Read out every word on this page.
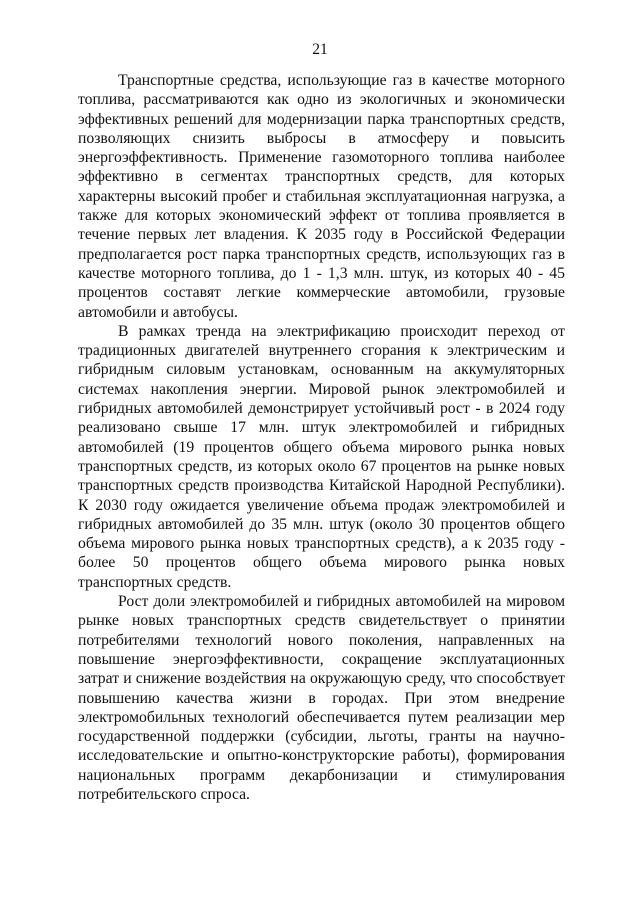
21

Транспортные средства, использующие газ в качестве моторного топлива, рассматриваются как одно из экологичных и экономически эффективных решений для модернизации парка транспортных средств, позволяющих снизить выбросы в атмосферу и повысить энергоэффективность. Применение газомоторного топлива наиболее эффективно в сегментах транспортных средств, для которых характерны высокий пробег и стабильная эксплуатационная нагрузка, а также для которых экономический эффект от топлива проявляется в течение первых лет владения. К 2035 году в Российской Федерации предполагается рост парка транспортных средств, использующих газ в качестве моторного топлива, до 1 - 1,3 млн. штук, из которых 40 - 45 процентов составят легкие коммерческие автомобили, грузовые автомобили и автобусы.

В рамках тренда на электрификацию происходит переход от традиционных двигателей внутреннего сгорания к электрическим и гибридным силовым установкам, основанным на аккумуляторных системах накопления энергии. Мировой рынок электромобилей и гибридных автомобилей демонстрирует устойчивый рост - в 2024 году реализовано свыше 17 млн. штук электромобилей и гибридных автомобилей (19 процентов общего объема мирового рынка новых транспортных средств, из которых около 67 процентов на рынке новых транспортных средств производства Китайской Народной Республики). К 2030 году ожидается увеличение объема продаж электромобилей и гибридных автомобилей до 35 млн. штук (около 30 процентов общего объема мирового рынка новых транспортных средств), а к 2035 году - более 50 процентов общего объема мирового рынка новых транспортных средств.

Рост доли электромобилей и гибридных автомобилей на мировом рынке новых транспортных средств свидетельствует о принятии потребителями технологий нового поколения, направленных на повышение энергоэффективности, сокращение эксплуатационных затрат и снижение воздействия на окружающую среду, что способствует повышению качества жизни в городах. При этом внедрение электромобильных технологий обеспечивается путем реализации мер государственной поддержки (субсидии, льготы, гранты на научно-исследовательские и опытно-конструкторские работы), формирования национальных программ декарбонизации и стимулирования потребительского спроса.
